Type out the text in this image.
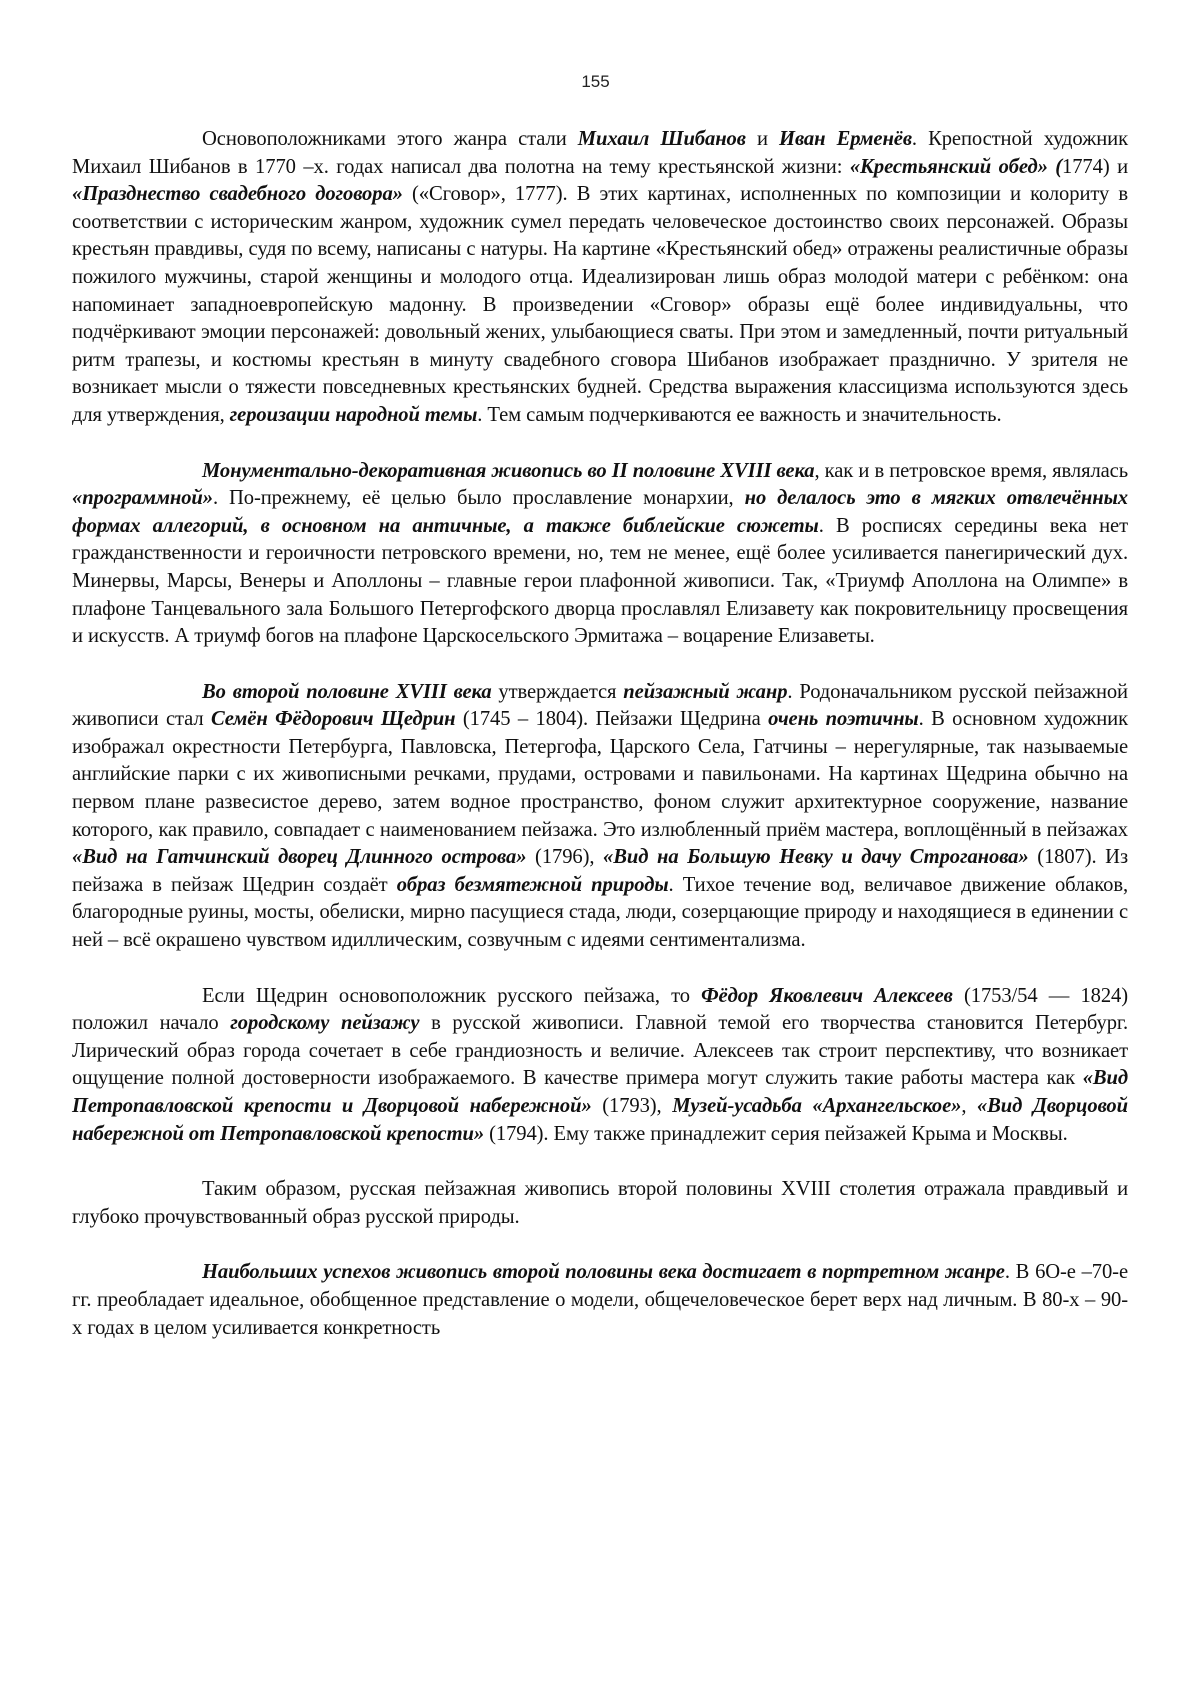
155

Основоположниками этого жанра стали Михаил Шибанов и Иван Ерменёв. Крепостной художник Михаил Шибанов в 1770 –х. годах написал два полотна на тему крестьянской жизни: «Крестьянский обед» (1774) и «Празднество свадебного договора» («Сговор», 1777). В этих картинах, исполненных по композиции и колориту в соответствии с историческим жанром, художник сумел передать человеческое достоинство своих персонажей. Образы крестьян правдивы, судя по всему, написаны с натуры. На картине «Крестьянский обед» отражены реалистичные образы пожилого мужчины, старой женщины и молодого отца. Идеализирован лишь образ молодой матери с ребёнком: она напоминает западноевропейскую мадонну. В произведении «Сговор» образы ещё более индивидуальны, что подчёркивают эмоции персонажей: довольный жених, улыбающиеся сваты. При этом и замедленный, почти ритуальный ритм трапезы, и костюмы крестьян в минуту свадебного сговора Шибанов изображает празднично. У зрителя не возникает мысли о тяжести повседневных крестьянских будней. Средства выражения классицизма используются здесь для утверждения, героизации народной темы. Тем самым подчеркиваются ее важность и значительность.

Монументально-декоративная живопись во II половине XVIII века, как и в петровское время, являлась «программной». По-прежнему, её целью было прославление монархии, но делалось это в мягких отвлечённых формах аллегорий, в основном на античные, а также библейские сюжеты. В росписях середины века нет гражданственности и героичности петровского времени, но, тем не менее, ещё более усиливается панегирический дух. Минервы, Марсы, Венеры и Аполлоны – главные герои плафонной живописи. Так, «Триумф Аполлона на Олимпе» в плафоне Танцевального зала Большого Петергофского дворца прославлял Елизавету как покровительницу просвещения и искусств. А триумф богов на плафоне Царскосельского Эрмитажа – воцарение Елизаветы.

Во второй половине XVIII века утверждается пейзажный жанр. Родоначальником русской пейзажной живописи стал Семён Фёдорович Щедрин (1745 – 1804). Пейзажи Щедрина очень поэтичны. В основном художник изображал окрестности Петербурга, Павловска, Петергофа, Царского Села, Гатчины – нерегулярные, так называемые английские парки с их живописными речками, прудами, островами и павильонами. На картинах Щедрина обычно на первом плане развесистое дерево, затем водное пространство, фоном служит архитектурное сооружение, название которого, как правило, совпадает с наименованием пейзажа. Это излюбленный приём мастера, воплощённый в пейзажах «Вид на Гатчинский дворец Длинного острова» (1796), «Вид на Большую Невку и дачу Строганова» (1807). Из пейзажа в пейзаж Щедрин создаёт образ безмятежной природы. Тихое течение вод, величавое движение облаков, благородные руины, мосты, обелиски, мирно пасущиеся стада, люди, созерцающие природу и находящиеся в единении с ней – всё окрашено чувством идиллическим, созвучным с идеями сентиментализма.

Если Щедрин основоположник русского пейзажа, то Фёдор Яковлевич Алексеев (1753/54 — 1824) положил начало городскому пейзажу в русской живописи. Главной темой его творчества становится Петербург. Лирический образ города сочетает в себе грандиозность и величие. Алексеев так строит перспективу, что возникает ощущение полной достоверности изображаемого. В качестве примера могут служить такие работы мастера как «Вид Петропавловской крепости и Дворцовой набережной» (1793), Музей-усадьба «Архангельское», «Вид Дворцовой набережной от Петропавловской крепости» (1794). Ему также принадлежит серия пейзажей Крыма и Москвы.

Таким образом, русская пейзажная живопись второй половины XVIII столетия отражала правдивый и глубоко прочувствованный образ русской природы.

Наибольших успехов живопись второй половины века достигает в портретном жанре. В 6О-е –70-е гг. преобладает идеальное, обобщенное представление о модели, общечеловеческое берет верх над личным. В 80-х – 90-х годах в целом усиливается конкретность
